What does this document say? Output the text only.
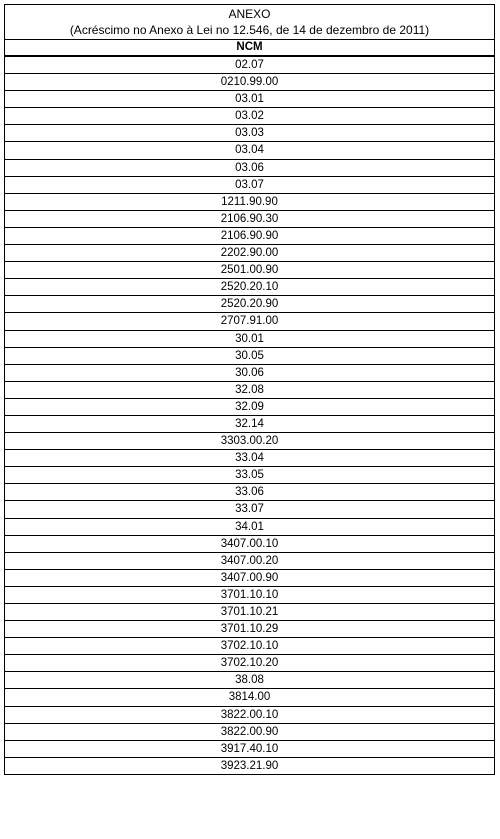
ANEXO
(Acréscimo no Anexo à Lei no 12.546, de 14 de dezembro de 2011)
NCM
02.07
0210.99.00
03.01
03.02
03.03
03.04
03.06
03.07
1211.90.90
2106.90.30
2106.90.90
2202.90.00
2501.00.90
2520.20.10
2520.20.90
2707.91.00
30.01
30.05
30.06
32.08
32.09
32.14
3303.00.20
33.04
33.05
33.06
33.07
34.01
3407.00.10
3407.00.20
3407.00.90
3701.10.10
3701.10.21
3701.10.29
3702.10.10
3702.10.20
38.08
3814.00
3822.00.10
3822.00.90
3917.40.10
3923.21.90
